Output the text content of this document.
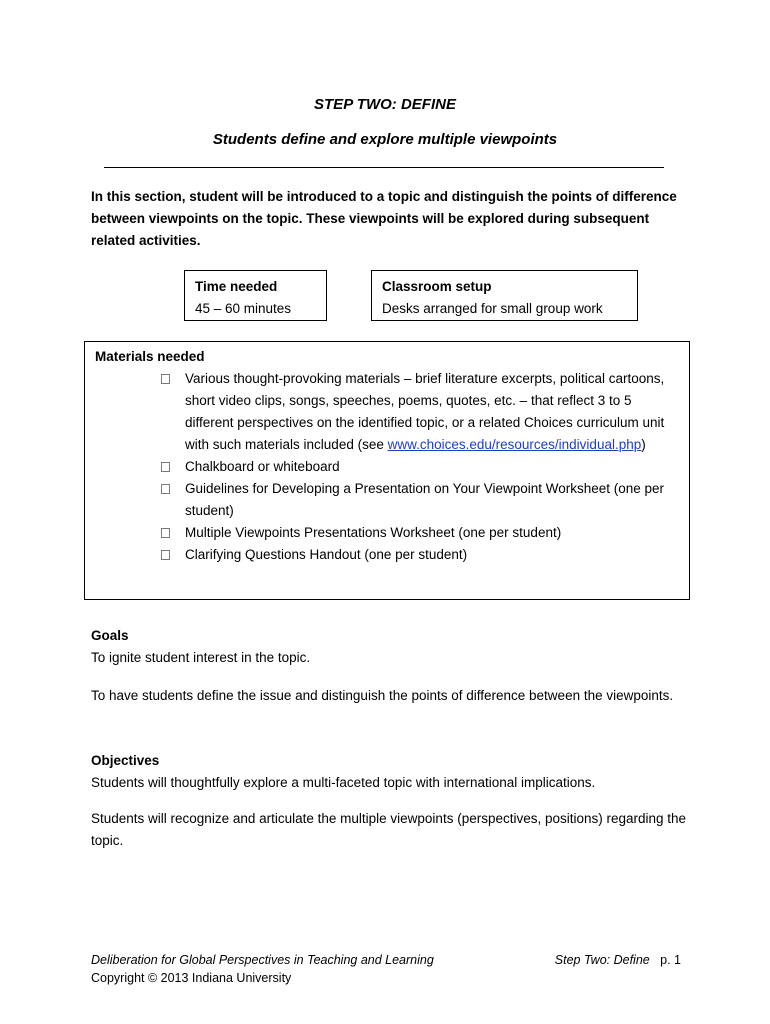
STEP TWO: DEFINE
Students define and explore multiple viewpoints
In this section, student will be introduced to a topic and distinguish the points of difference between viewpoints on the topic. These viewpoints will be explored during subsequent related activities.
Time needed
45 – 60 minutes
Classroom setup
Desks arranged for small group work
Materials needed
Various thought-provoking materials – brief literature excerpts, political cartoons, short video clips, songs, speeches, poems, quotes, etc. – that reflect 3 to 5 different perspectives on the identified topic, or a related Choices curriculum unit with such materials included (see www.choices.edu/resources/individual.php)
Chalkboard or whiteboard
Guidelines for Developing a Presentation on Your Viewpoint Worksheet (one per student)
Multiple Viewpoints Presentations Worksheet (one per student)
Clarifying Questions Handout (one per student)
Goals
To ignite student interest in the topic.
To have students define the issue and distinguish the points of difference between the viewpoints.
Objectives
Students will thoughtfully explore a multi-faceted topic with international implications.
Students will recognize and articulate the multiple viewpoints (perspectives, positions) regarding the topic.
Deliberation for Global Perspectives in Teaching and Learning
Copyright © 2013 Indiana University
Step Two: Define p. 1
